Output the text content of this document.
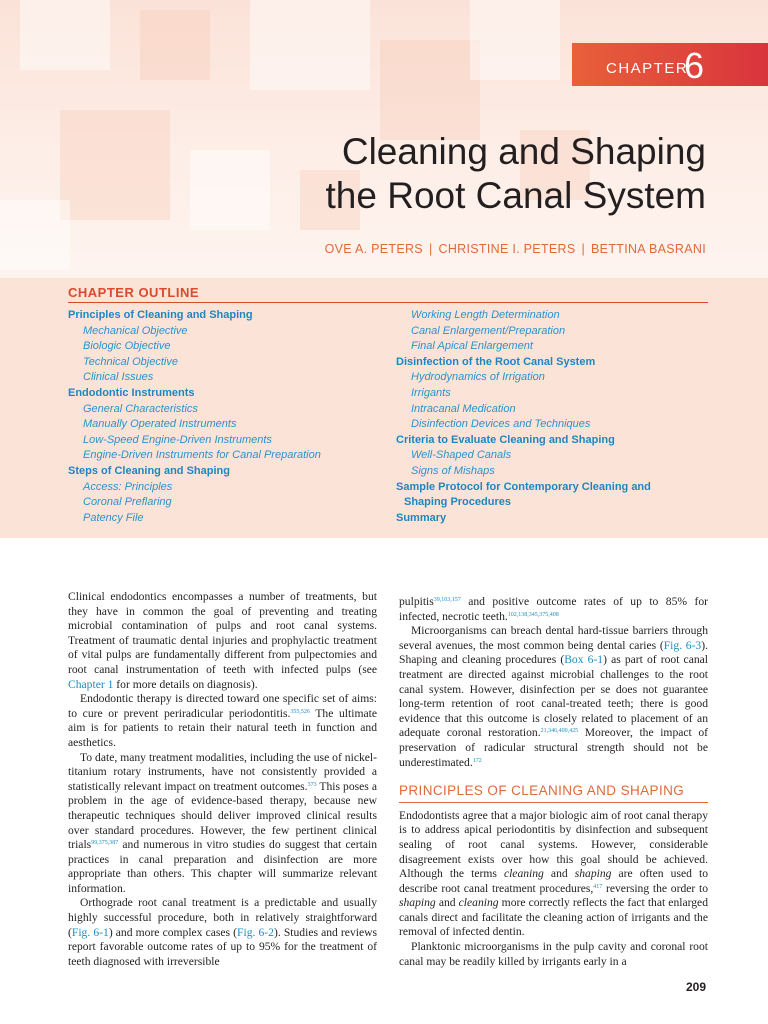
CHAPTER
6
Cleaning and Shaping
the Root Canal System
OVE A. PETERS | CHRISTINE I. PETERS | BETTINA BASRANI
CHAPTER OUTLINE
Principles of Cleaning and Shaping
Mechanical Objective
Biologic Objective
Technical Objective
Clinical Issues
Endodontic Instruments
General Characteristics
Manually Operated Instruments
Low-Speed Engine-Driven Instruments
Engine-Driven Instruments for Canal Preparation
Steps of Cleaning and Shaping
Access: Principles
Coronal Preflaring
Patency File
Working Length Determination
Canal Enlargement/Preparation
Final Apical Enlargement
Disinfection of the Root Canal System
Hydrodynamics of Irrigation
Irrigants
Intracanal Medication
Disinfection Devices and Techniques
Criteria to Evaluate Cleaning and Shaping
Well-Shaped Canals
Signs of Mishaps
Sample Protocol for Contemporary Cleaning and
Shaping Procedures
Summary

Clinical endodontics encompasses a number of treatments, but they have in common the goal of preventing and treating microbial contamination of pulps and root canal systems. Treatment of traumatic dental injuries and prophylactic treatment of vital pulps are fundamentally different from pulpectomies and root canal instrumentation of teeth with infected pulps (see Chapter 1 for more details on diagnosis).

Endodontic therapy is directed toward one specific set of aims: to cure or prevent periradicular periodontitis.$^{355,526}$ The ultimate aim is for patients to retain their natural teeth in function and aesthetics.

To date, many treatment modalities, including the use of nickel-titanium rotary instruments, have not consistently provided a statistically relevant impact on treatment outcomes.$^{373}$ This poses a problem in the age of evidence-based therapy, because new therapeutic techniques should deliver improved clinical results over standard procedures. However, the few pertinent clinical trials$^{99,375,387}$ and numerous in vitro studies do suggest that certain practices in canal preparation and disinfection are more appropriate than others. This chapter will summarize relevant information.

Orthograde root canal treatment is a predictable and usually highly successful procedure, both in relatively straightforward (Fig. 6-1) and more complex cases (Fig. 6-2). Studies and reviews report favorable outcome rates of up to 95% for the treatment of teeth diagnosed with irreversible

pulpitis$^{39,103,157}$ and positive outcome rates of up to 85% for infected, necrotic teeth.$^{102,138,345,375,408}$

Microorganisms can breach dental hard-tissue barriers through several avenues, the most common being dental caries (Fig. 6-3). Shaping and cleaning procedures (Box 6-1) as part of root canal treatment are directed against microbial challenges to the root canal system. However, disinfection per se does not guarantee long-term retention of root canal-treated teeth; there is good evidence that this outcome is closely related to placement of an adequate coronal restoration.$^{21,346,400,425}$ Moreover, the impact of preservation of radicular structural strength should not be underestimated.$^{172}$

PRINCIPLES OF CLEANING AND SHAPING

Endodontists agree that a major biologic aim of root canal therapy is to address apical periodontitis by disinfection and subsequent sealing of root canal systems. However, considerable disagreement exists over how this goal should be achieved. Although the terms cleaning and shaping are often used to describe root canal treatment procedures,$^{417}$ reversing the order to shaping and cleaning more correctly reflects the fact that enlarged canals direct and facilitate the cleaning action of irrigants and the removal of infected dentin.

Planktonic microorganisms in the pulp cavity and coronal root canal may be readily killed by irrigants early in a

209
